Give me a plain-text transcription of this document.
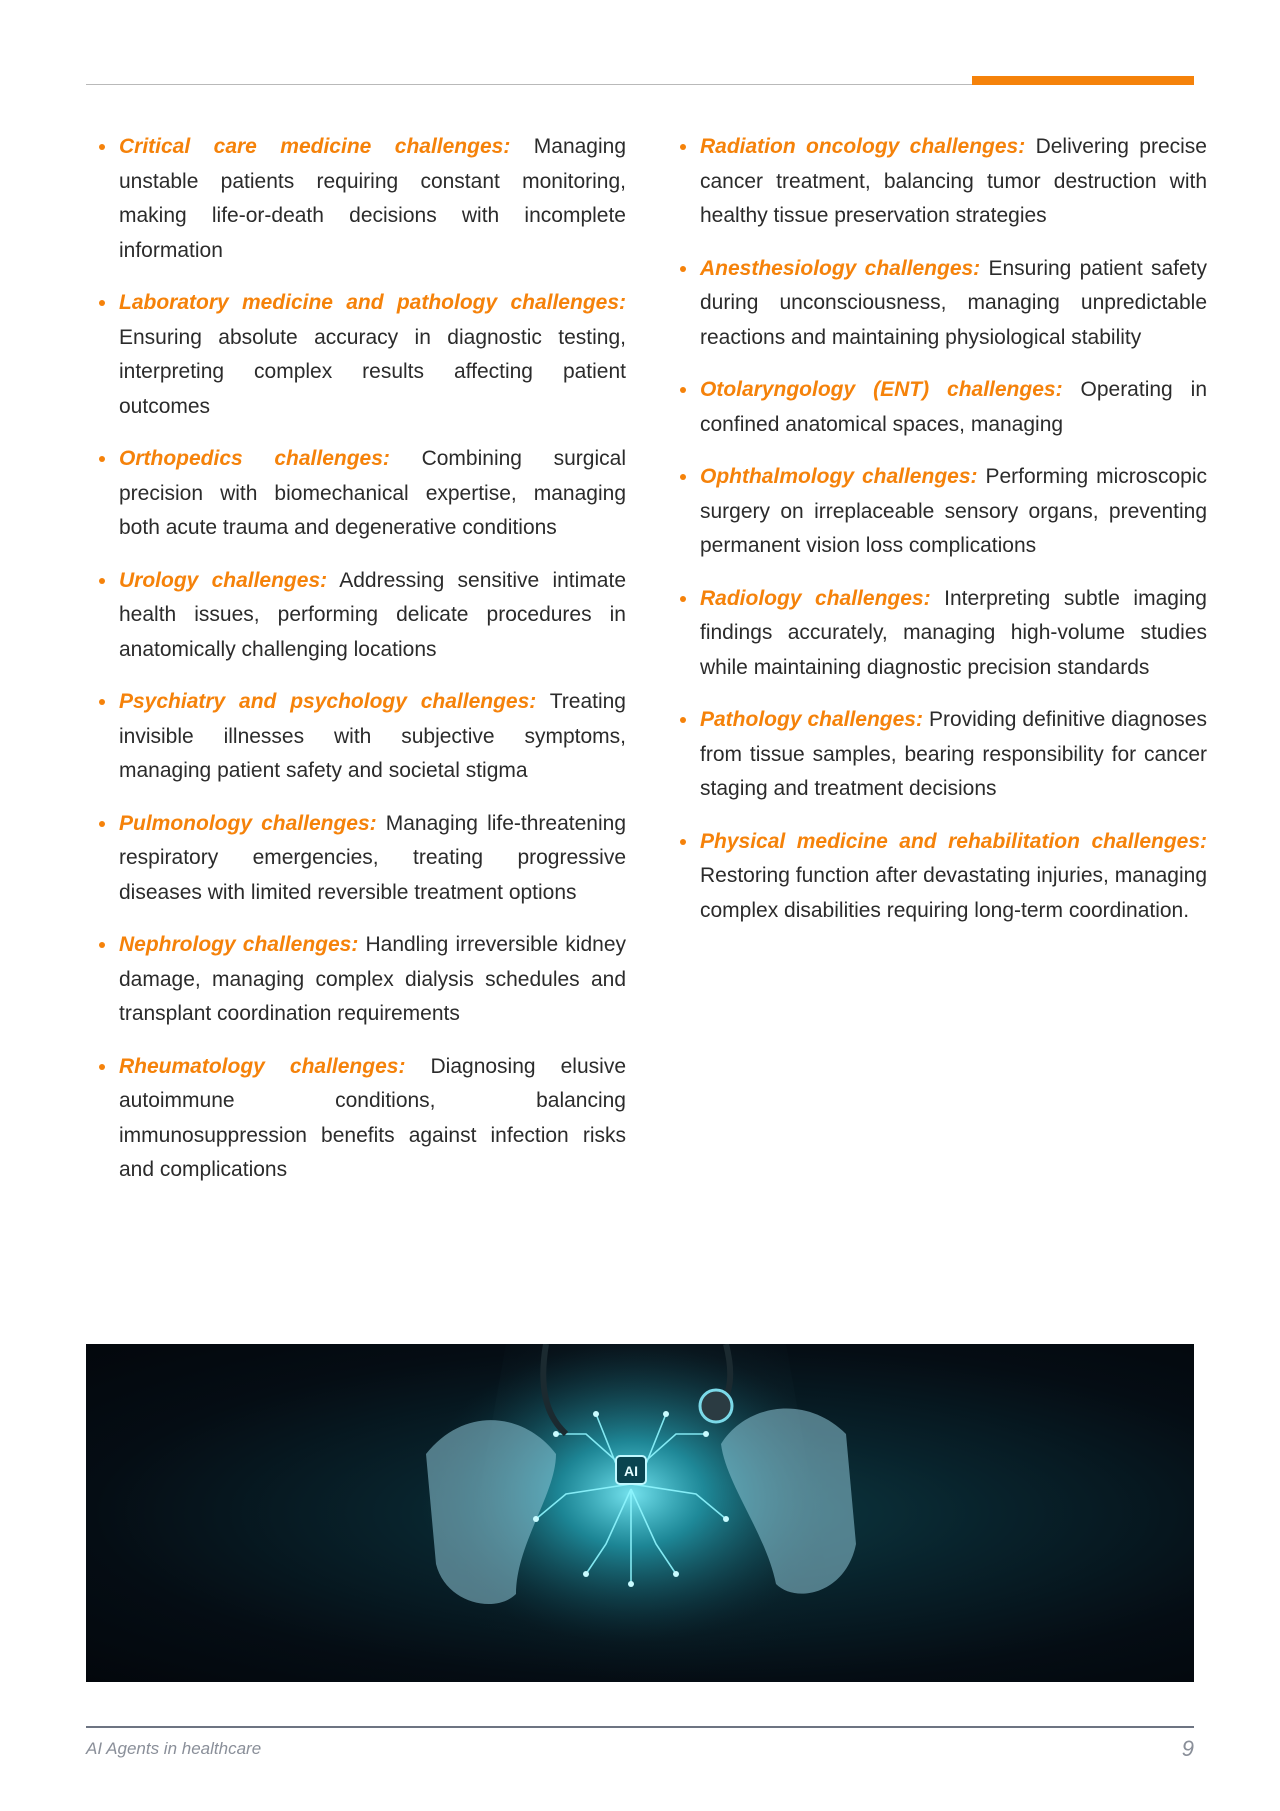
Critical care medicine challenges: Managing unstable patients requiring constant monitoring, making life-or-death decisions with incomplete information
Laboratory medicine and pathology challenges: Ensuring absolute accuracy in diagnostic testing, interpreting complex results affecting patient outcomes
Orthopedics challenges: Combining surgical precision with biomechanical expertise, managing both acute trauma and degenerative conditions
Urology challenges: Addressing sensitive intimate health issues, performing delicate procedures in anatomically challenging locations
Psychiatry and psychology challenges: Treating invisible illnesses with subjective symptoms, managing patient safety and societal stigma
Pulmonology challenges: Managing life-threatening respiratory emergencies, treating progressive diseases with limited reversible treatment options
Nephrology challenges: Handling irreversible kidney damage, managing complex dialysis schedules and transplant coordination requirements
Rheumatology challenges: Diagnosing elusive autoimmune conditions, balancing immunosuppression benefits against infection risks and complications
Radiation oncology challenges: Delivering precise cancer treatment, balancing tumor destruction with healthy tissue preservation strategies
Anesthesiology challenges: Ensuring patient safety during unconsciousness, managing unpredictable reactions and maintaining physiological stability
Otolaryngology (ENT) challenges: Operating in confined anatomical spaces, managing
Ophthalmology challenges: Performing microscopic surgery on irreplaceable sensory organs, preventing permanent vision loss complications
Radiology challenges: Interpreting subtle imaging findings accurately, managing high-volume studies while maintaining diagnostic precision standards
Pathology challenges: Providing definitive diagnoses from tissue samples, bearing responsibility for cancer staging and treatment decisions
Physical medicine and rehabilitation challenges: Restoring function after devastating injuries, managing complex disabilities requiring long-term coordination.
AI
AI Agents in healthcare	9
